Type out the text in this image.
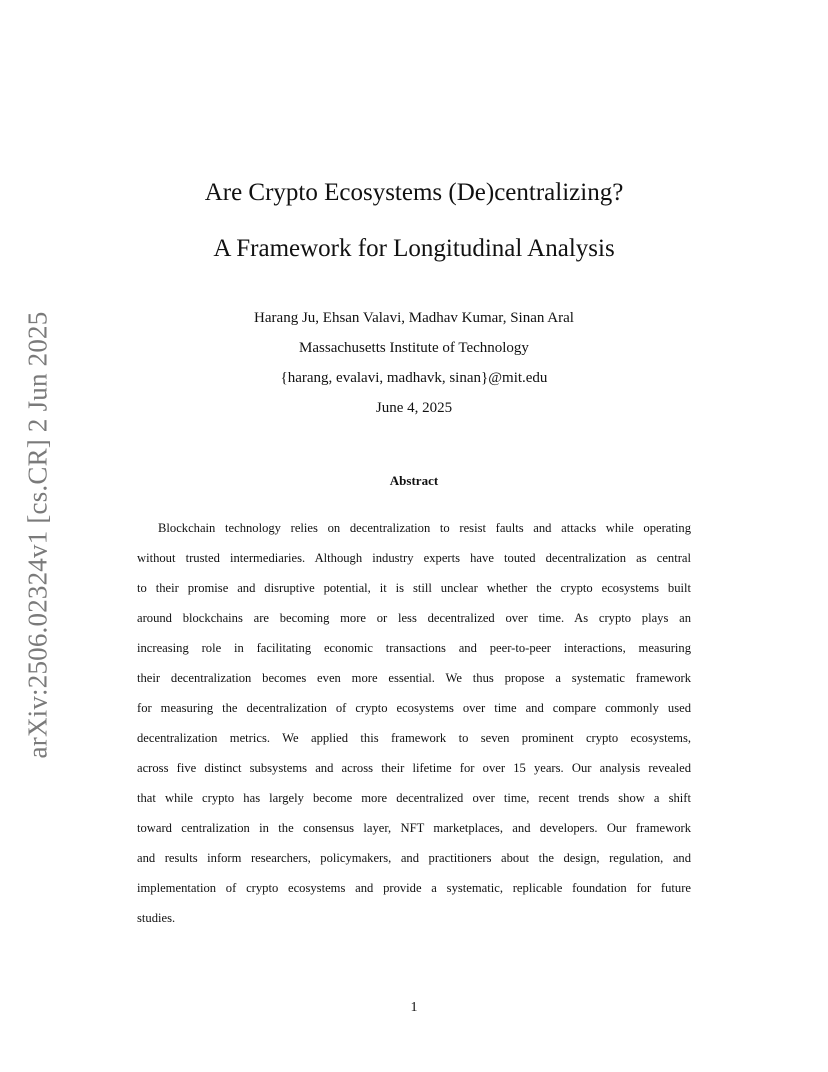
arXiv:2506.02324v1 [cs.CR] 2 Jun 2025
Are Crypto Ecosystems (De)centralizing?
A Framework for Longitudinal Analysis
Harang Ju, Ehsan Valavi, Madhav Kumar, Sinan Aral
Massachusetts Institute of Technology
{harang, evalavi, madhavk, sinan}@mit.edu
June 4, 2025
Abstract
Blockchain technology relies on decentralization to resist faults and attacks while operating
without trusted intermediaries. Although industry experts have touted decentralization as central
to their promise and disruptive potential, it is still unclear whether the crypto ecosystems built
around blockchains are becoming more or less decentralized over time. As crypto plays an
increasing role in facilitating economic transactions and peer-to-peer interactions, measuring
their decentralization becomes even more essential. We thus propose a systematic framework
for measuring the decentralization of crypto ecosystems over time and compare commonly used
decentralization metrics. We applied this framework to seven prominent crypto ecosystems,
across five distinct subsystems and across their lifetime for over 15 years. Our analysis revealed
that while crypto has largely become more decentralized over time, recent trends show a shift
toward centralization in the consensus layer, NFT marketplaces, and developers. Our framework
and results inform researchers, policymakers, and practitioners about the design, regulation, and
implementation of crypto ecosystems and provide a systematic, replicable foundation for future
studies.
1
